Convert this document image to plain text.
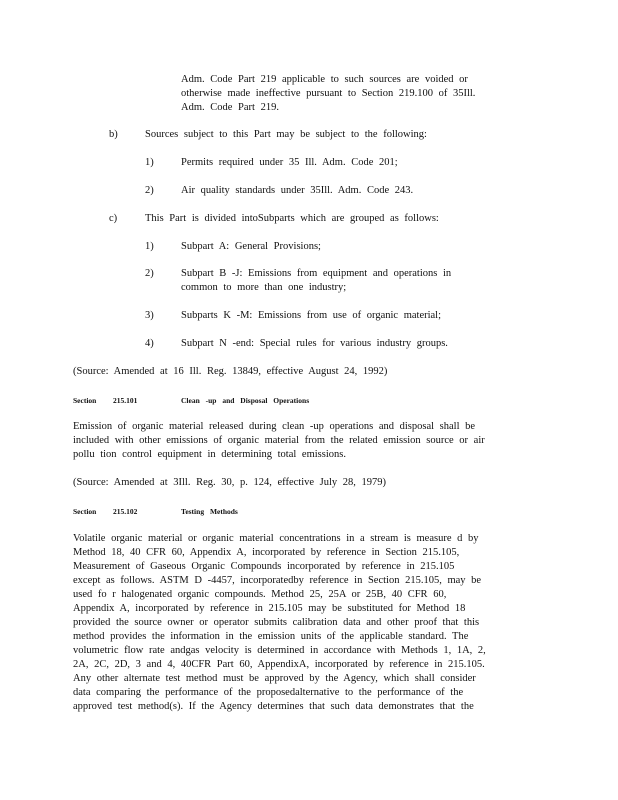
Adm. Code Part 219 applicable to such sources are voided or
otherwise made ineffective pursuant to Section 219.100 of 35Ill.
Adm. Code Part 219.
b)	Sources subject to this Part may be subject to the following:
1)	Permits required under 35 Ill. Adm. Code 201;
2)	Air quality standards under 35Ill. Adm. Code 243.
c)	This Part is divided intoSubparts which are grouped as follows:
1)	Subpart A: General Provisions;
2)	Subpart B -J: Emissions from equipment and operations in
common to more than one industry;
3)	Subparts K -M: Emissions from use of organic material;
4)	Subpart N -end: Special rules for various industry groups.
(Source: Amended at 16 Ill. Reg. 13849, effective August 24, 1992)
Section 215.101	Clean -up and Disposal Operations
Emission of organic material released during clean -up operations and disposal shall be
included with other emissions of organic material from the related emission source or air
pollu tion control equipment in determining total emissions.
(Source: Amended at 3Ill. Reg. 30, p. 124, effective July 28, 1979)
Section 215.102	Testing Methods
Volatile organic material or organic material concentrations in a stream is measure d by
Method 18, 40 CFR 60, Appendix A, incorporated by reference in Section 215.105,
Measurement of Gaseous Organic Compounds incorporated by reference in 215.105
except as follows. ASTM D -4457, incorporatedby reference in Section 215.105, may be
used fo r halogenated organic compounds. Method 25, 25A or 25B, 40 CFR 60,
Appendix A, incorporated by reference in 215.105 may be substituted for Method 18
provided the source owner or operator submits calibration data and other proof that this
method provides the information in the emission units of the applicable standard. The
volumetric flow rate andgas velocity is determined in accordance with Methods 1, 1A, 2,
2A, 2C, 2D, 3 and 4, 40CFR Part 60, AppendixA, incorporated by reference in 215.105.
Any other alternate test method must be approved by the Agency, which shall consider
data comparing the performance of the proposedalternative to the performance of the
approved test method(s). If the Agency determines that such data demonstrates that the
